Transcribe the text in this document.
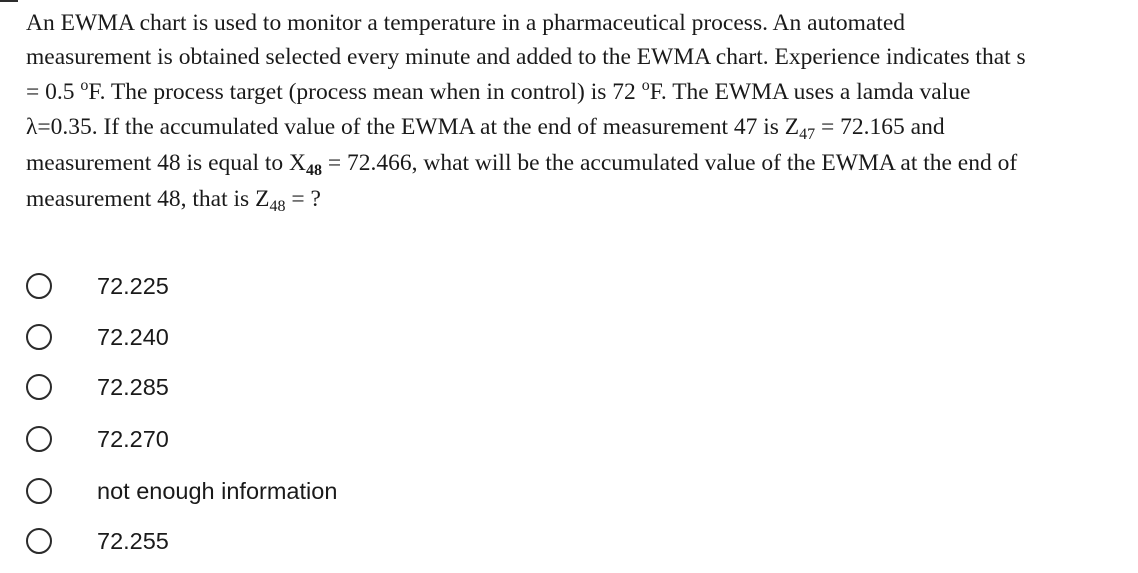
An EWMA chart is used to monitor a temperature in a pharmaceutical process. An automated
measurement is obtained selected every minute and added to the EWMA chart. Experience indicates that s
= 0.5 $^o$F. The process target (process mean when in control) is 72 $^o$F. The EWMA uses a lamda value
λ=0.35. If the accumulated value of the EWMA at the end of measurement 47 is $Z_{47} = 72.165$ and
measurement 48 is equal to $X_{48} = 72.466$, what will be the accumulated value of the EWMA at the end of
measurement 48, that is $Z_{48}$ = ?
72.225
72.240
72.285
72.270
not enough information
72.255
